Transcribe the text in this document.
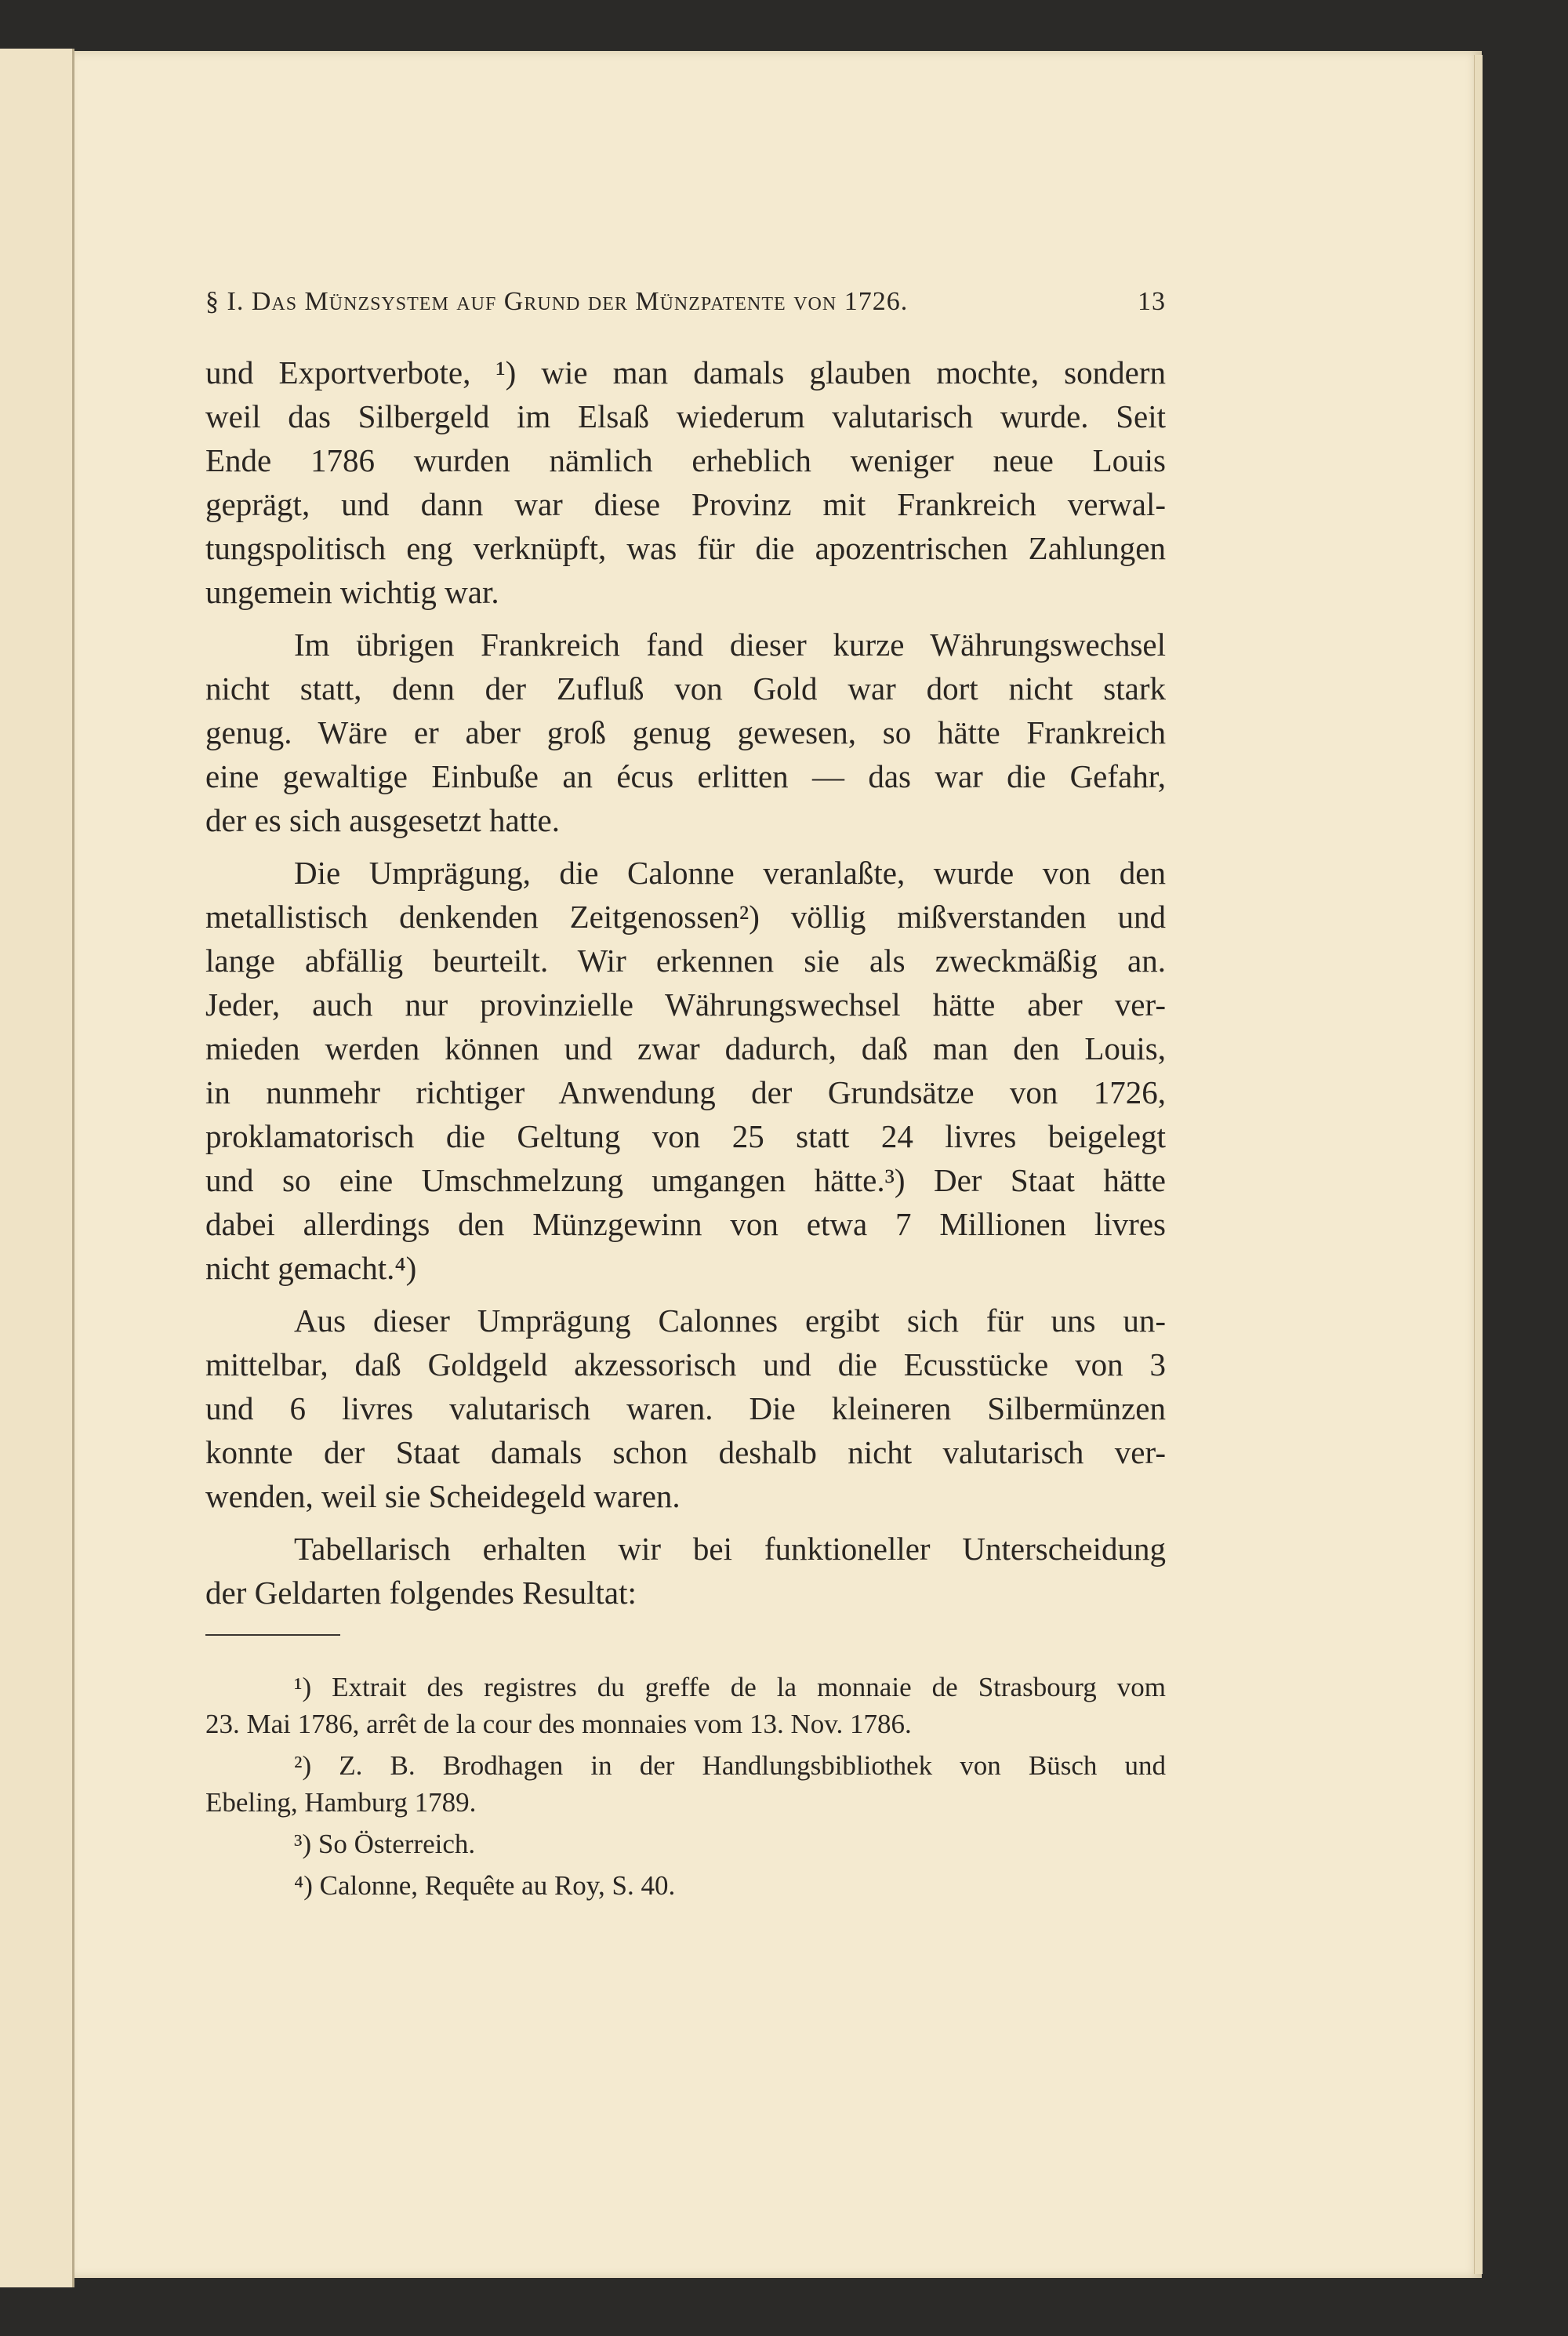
§ I. Das Münzsystem auf Grund der Münzpatente von 1726.	13
und Exportverbote, ¹) wie man damals glauben mochte, sondern
weil das Silbergeld im Elsaß wiederum valutarisch wurde. Seit
Ende 1786 wurden nämlich erheblich weniger neue Louis
geprägt, und dann war diese Provinz mit Frankreich verwal-
tungspolitisch eng verknüpft, was für die apozentrischen Zahlungen
ungemein wichtig war.
Im übrigen Frankreich fand dieser kurze Währungswechsel
nicht statt, denn der Zufluß von Gold war dort nicht stark
genug. Wäre er aber groß genug gewesen, so hätte Frankreich
eine gewaltige Einbuße an écus erlitten — das war die Gefahr,
der es sich ausgesetzt hatte.
Die Umprägung, die Calonne veranlaßte, wurde von den
metallistisch denkenden Zeitgenossen²) völlig mißverstanden und
lange abfällig beurteilt. Wir erkennen sie als zweckmäßig an.
Jeder, auch nur provinzielle Währungswechsel hätte aber ver-
mieden werden können und zwar dadurch, daß man den Louis,
in nunmehr richtiger Anwendung der Grundsätze von 1726,
proklamatorisch die Geltung von 25 statt 24 livres beigelegt
und so eine Umschmelzung umgangen hätte.³) Der Staat hätte
dabei allerdings den Münzgewinn von etwa 7 Millionen livres
nicht gemacht.⁴)
Aus dieser Umprägung Calonnes ergibt sich für uns un-
mittelbar, daß Goldgeld akzessorisch und die Ecusstücke von 3
und 6 livres valutarisch waren. Die kleineren Silbermünzen
konnte der Staat damals schon deshalb nicht valutarisch ver-
wenden, weil sie Scheidegeld waren.
Tabellarisch erhalten wir bei funktioneller Unterscheidung
der Geldarten folgendes Resultat:
¹) Extrait des registres du greffe de la monnaie de Strasbourg vom
23. Mai 1786, arrêt de la cour des monnaies vom 13. Nov. 1786.
²) Z. B. Brodhagen in der Handlungsbibliothek von Büsch und
Ebeling, Hamburg 1789.
³) So Österreich.
⁴) Calonne, Requête au Roy, S. 40.
